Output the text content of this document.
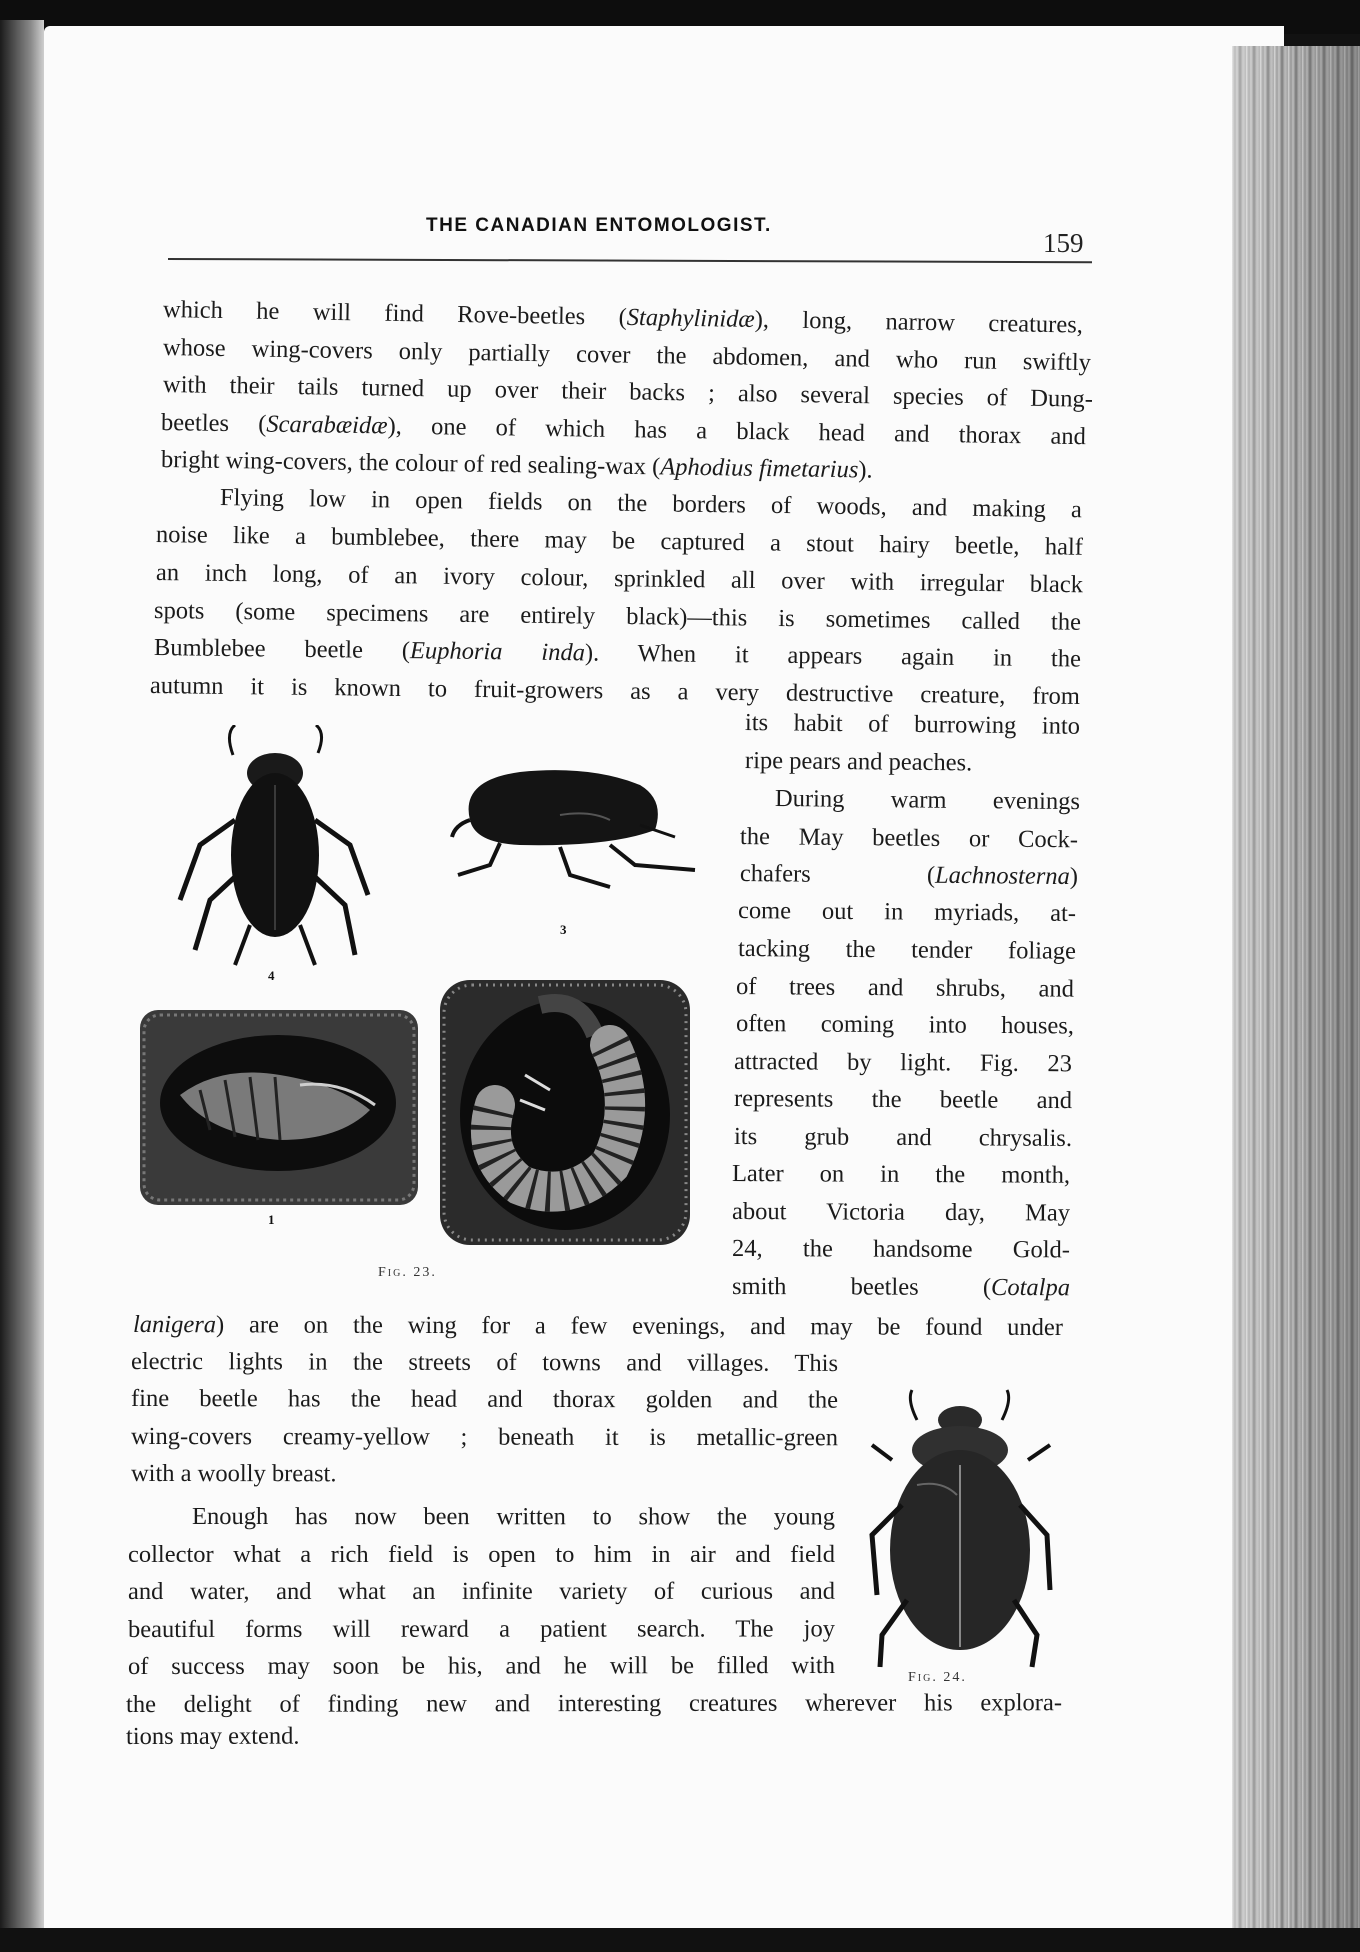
THE CANADIAN ENTOMOLOGIST.
159
which he will find Rove-beetles (Staphylinidæ), long, narrow creatures,
whose wing-covers only partially cover the abdomen, and who run swiftly
with their tails turned up over their backs ; also several species of Dung-
beetles (Scarabæidæ), one of which has a black head and thorax and
bright wing-covers, the colour of red sealing-wax (Aphodius fimetarius).
Flying low in open fields on the borders of woods, and making a
noise like a bumblebee, there may be captured a stout hairy beetle, half
an inch long, of an ivory colour, sprinkled all over with irregular black
spots (some specimens are entirely black)—this is sometimes called the
Bumblebee beetle (Euphoria inda). When it appears again in the
autumn it is known to fruit-growers as a very destructive creature, from
its habit of burrowing into
ripe pears and peaches.
During warm evenings
the May beetles or Cock-
chafers (Lachnosterna)
come out in myriads, at-
tacking the tender foliage
of trees and shrubs, and
often coming into houses,
attracted by light. Fig. 23
represents the beetle and
its grub and chrysalis.
Later on in the month,
about Victoria day, May
24, the handsome Gold-
smith beetles (Cotalpa
lanigera) are on the wing for a few evenings, and may be found under
electric lights in the streets of towns and villages. This
fine beetle has the head and thorax golden and the
wing-covers creamy-yellow ; beneath it is metallic-green
with a woolly breast.
Enough has now been written to show the young
collector what a rich field is open to him in air and field
and water, and what an infinite variety of curious and
beautiful forms will reward a patient search. The joy
of success may soon be his, and he will be filled with
the delight of finding new and interesting creatures wherever his explora-
tions may extend.
4
3
1
Fig. 23.
Fig. 24.
